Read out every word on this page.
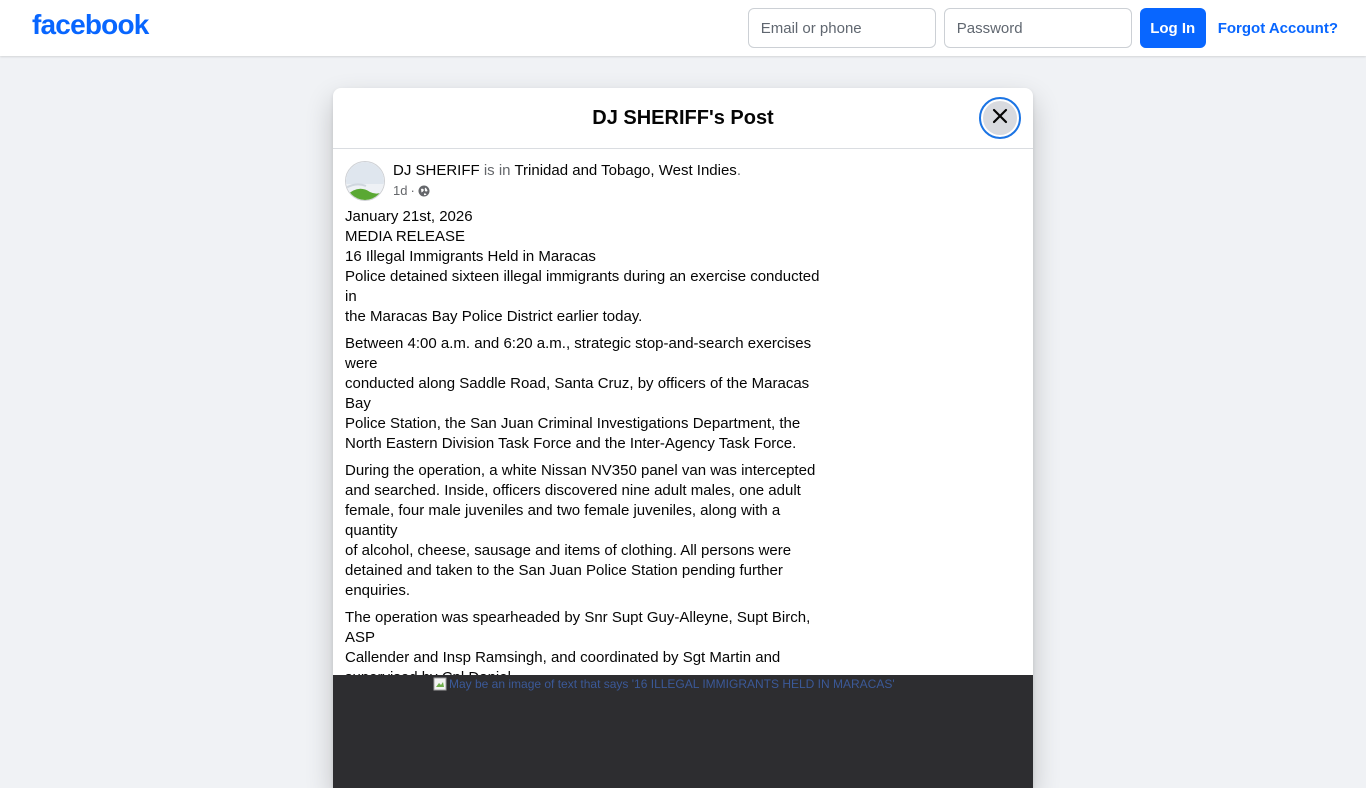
facebook
Email or phone	Log In	Forgot Account?
DJ SHERIFF's Post
DJ SHERIFF is in Trinidad and Tobago, West Indies.
1d ·

January 21st, 2026
MEDIA RELEASE
16 Illegal Immigrants Held in Maracas
Police detained sixteen illegal immigrants during an exercise conducted in
the Maracas Bay Police District earlier today.

Between 4:00 a.m. and 6:20 a.m., strategic stop-and-search exercises were
conducted along Saddle Road, Santa Cruz, by officers of the Maracas Bay
Police Station, the San Juan Criminal Investigations Department, the
North Eastern Division Task Force and the Inter-Agency Task Force.

During the operation, a white Nissan NV350 panel van was intercepted
and searched. Inside, officers discovered nine adult males, one adult
female, four male juveniles and two female juveniles, along with a quantity
of alcohol, cheese, sausage and items of clothing. All persons were
detained and taken to the San Juan Police Station pending further
enquiries.

The operation was spearheaded by Snr Supt Guy-Alleyne, Supt Birch, ASP
Callender and Insp Ramsingh, and coordinated by Sgt Martin and

May be an image of text that says '16 ILLEGAL IMMIGRANTS HELD IN MARACAS'
